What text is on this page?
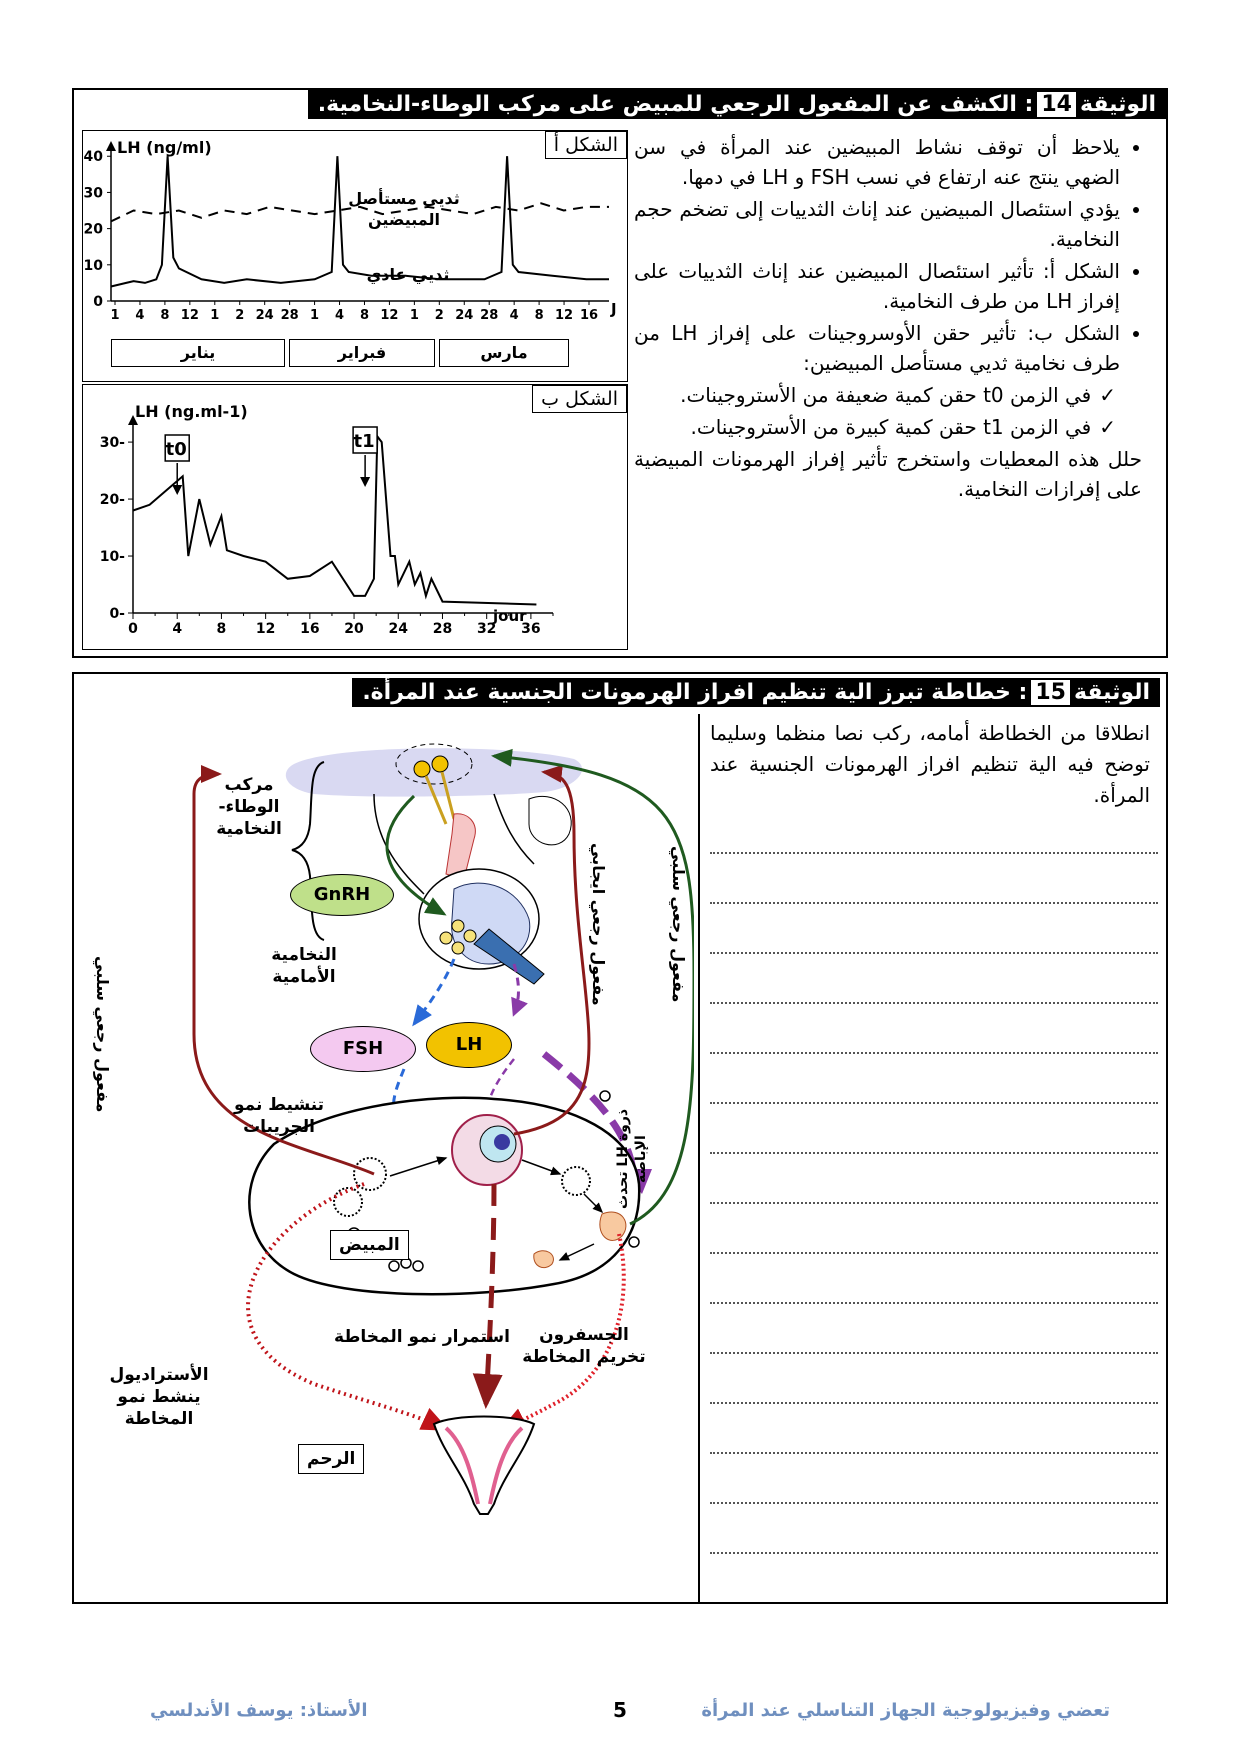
الوثيقة14: الكشف عن المفعول الرجعي للمبيض على مركب الوطاء-النخامية.
الشكل أ
LH (ng/ml)
J
0
10
20
30
40
1 4 8 12 1 2 24 28 1 4 8 12 1 2 24 28 4 8 12 16
ثديي مستأصل المبيضين
ثديي عادي
يناير	فبراير	مارس
الشكل ب
LH (ng.ml-1)
jour
0-
10-
20-
30-
0 4 8 12 16 20 24 28 32 36
t0	t1
• يلاحظ أن توقف نشاط المبيضين عند المرأة في سن الضهي ينتج عنه ارتفاع في نسب FSH و LH في دمها.
• يؤدي استئصال المبيضين عند إناث الثدييات إلى تضخم حجم النخامية.
• الشكل أ: تأثير استئصال المبيضين عند إناث الثدييات على إفراز LH من طرف النخامية.
• الشكل ب: تأثير حقن الأوسروجينات على إفراز LH من طرف نخامية ثديي مستأصل المبيضين:
✓ في الزمن t0 حقن كمية ضعيفة من الأستروجينات.
✓ في الزمن t1 حقن كمية كبيرة من الأستروجينات.
حلل هذه المعطيات واستخرج تأثير إفراز الهرمونات المبيضية على إفرازات النخامية.
الوثيقة15: خطاطة تبرز الية تنظيم افراز الهرمونات الجنسية عند المرأة.
انطلاقا من الخطاطة أمامه، ركب نصا منظما وسليما توضح فيه الية تنظيم افراز الهرمونات الجنسية عند المرأة.
مركب الوطاء- النخامية
GnRH
النخامية الأمامية
FSH	LH
تنشيط نمو الجريبات
ذروة LH تحدث الإباضة
مفعول رجعي سلبي
مفعول رجعي ايجابي	مفعول رجعي سلبي
المبيض
استمرار نمو المخاطة
الأستراديول ينشط نمو المخاطة
الجسفرون تخريم المخاطة
الرحم
الأستاذ: يوسف الأندلسي	5	تعضي وفيزيولوجية الجهاز التناسلي عند المرأة
